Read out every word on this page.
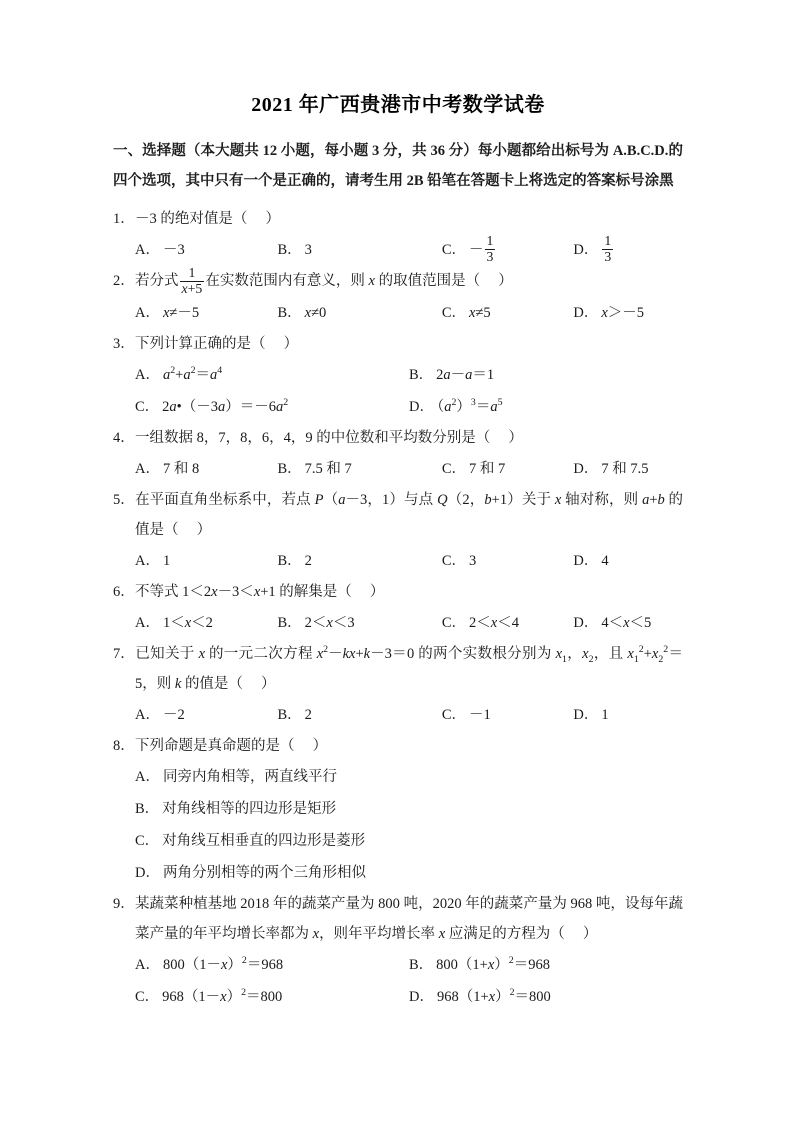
2021 年广西贵港市中考数学试卷

一、选择题（本大题共 12 小题，每小题 3 分，共 36 分）每小题都给出标号为 A.B.C.D.的四个选项，其中只有一个是正确的，请考生用 2B 铅笔在答题卡上将选定的答案标号涂黑

1．－3 的绝对值是（     ）

A． －3	B． 3	C． － $\frac{1}{3}$	D． $\frac{1}{3}$

2．若分式 $\frac{1}{x+5}$ 在实数范围内有意义，则 x 的取值范围是（     ）

A． x≠－5	B． x≠0	C． x≠5	D． x＞－5

3．下列计算正确的是（     ）

A． $a^2+a^2=a^4$	B． 2a－a＝1
C． $2a•(-3a)=-6a^2$	D． $(a^2)^3=a^5$

4．一组数据 8，7，8，6，4，9 的中位数和平均数分别是（     ）

A． 7 和 8	B． 7.5 和 7	C． 7 和 7	D． 7 和 7.5

5．在平面直角坐标系中，若点 P（a－3，1）与点 Q（2，b+1）关于 x 轴对称，则 a+b 的值是（     ）

A． 1	B． 2	C． 3	D． 4

6．不等式 1＜2x－3＜x+1 的解集是（     ）

A． 1＜x＜2	B． 2＜x＜3	C． 2＜x＜4	D． 4＜x＜5

7．已知关于 x 的一元二次方程 $x^2-kx+k-3=0$ 的两个实数根分别为 $x_1$，$x_2$，且 $x_1^2+x_2^2=5$，则 k 的值是（     ）

A． －2	B． 2	C． －1	D． 1

8．下列命题是真命题的是（     ）

A． 同旁内角相等，两直线平行
B． 对角线相等的四边形是矩形
C． 对角线互相垂直的四边形是菱形
D． 两角分别相等的两个三角形相似

9．某蔬菜种植基地 2018 年的蔬菜产量为 800 吨，2020 年的蔬菜产量为 968 吨，设每年蔬菜产量的年平均增长率都为 x，则年平均增长率 x 应满足的方程为（     ）

A． $800(1-x)^2=968$	B． $800(1+x)^2=968$
C． $968(1-x)^2=800$	D． $968(1+x)^2=800$
